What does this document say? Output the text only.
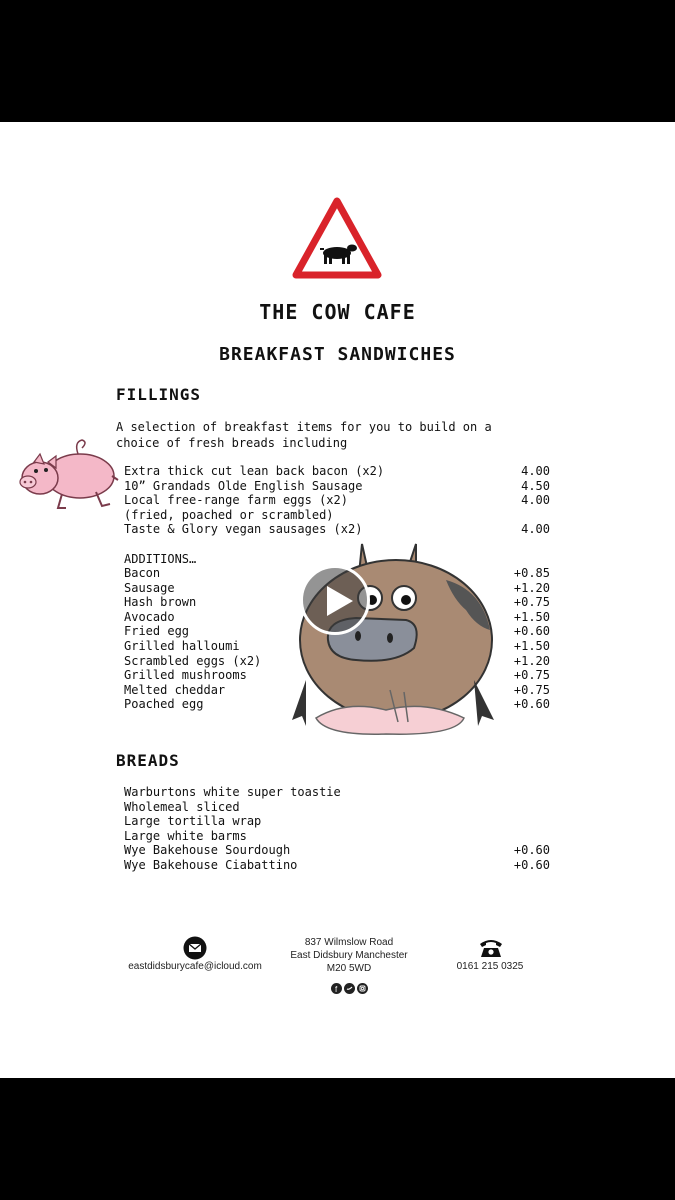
THE COW CAFE
BREAKFAST SANDWICHES
FILLINGS
A selection of breakfast items for you to build on a
choice of fresh breads including
Extra thick cut lean back bacon (x2)	4.00
10” Grandads Olde English Sausage	4.50
Local free-range farm eggs (x2)	4.00
(fried, poached or scrambled)
Taste & Glory vegan sausages (x2)	4.00
ADDITIONS…
Bacon	+0.85
Sausage	+1.20
Hash brown	+0.75
Avocado	+1.50
Fried egg	+0.60
Grilled halloumi	+1.50
Scrambled eggs (x2)	+1.20
Grilled mushrooms	+0.75
Melted cheddar	+0.75
Poached egg	+0.60
BREADS
Warburtons white super toastie
Wholemeal sliced
Large tortilla wrap
Large white barms
Wye Bakehouse Sourdough	+0.60
Wye Bakehouse Ciabattino	+0.60
eastdidsburycafe@icloud.com
837 Wilmslow Road
East Didsbury Manchester
M20 5WD
f
0161 215 0325
